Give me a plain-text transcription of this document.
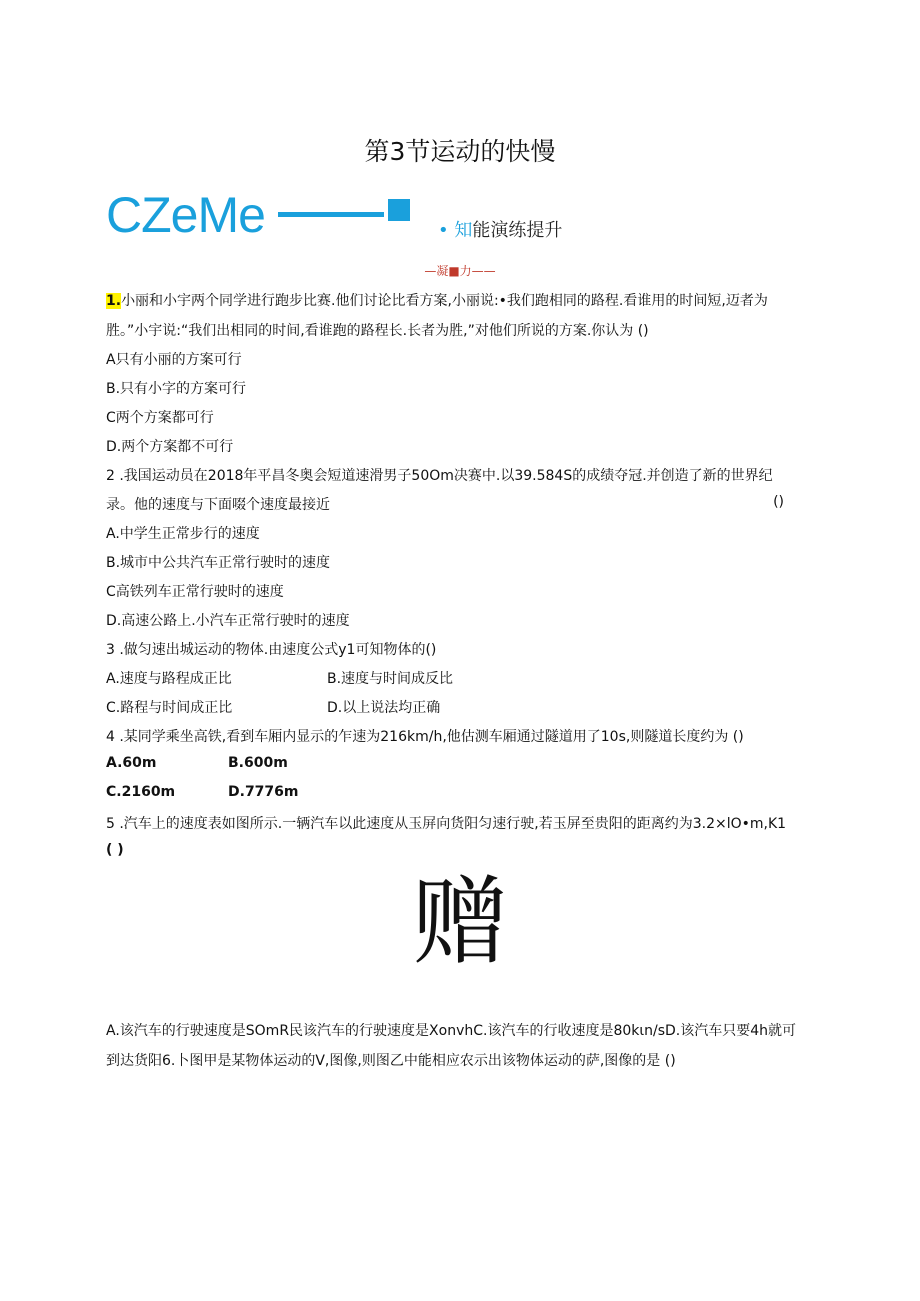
第3节运动的快慢
CZeMe	• 知能演练提升
—凝■力——
1.小丽和小宇两个同学进行跑步比赛.他们讨论比看方案,小丽说:•我们跑相同的路程.看谁用的时间短,迈者为
胜。”小宇说:“我们出相同的时间,看谁跑的路程长.长者为胜,”对他们所说的方案.你认为 ()
A只有小丽的方案可行
B.只有小字的方案可行
C两个方案都可行
D.两个方案都不可行
2 .我国运动员在2018年平昌冬奥会短道速滑男子50Om决赛中.以39.584S的成绩夺冠.并创造了新的世界纪
录。他的速度与下面啜个速度最接近	()
A.中学生正常步行的速度
B.城市中公共汽车正常行驶时的速度
C高铁列车正常行驶时的速度
D.高速公路上.小汽车正常行驶时的速度
3 .做匀速出城运动的物体.由速度公式y1可知物体的()
A.速度与路程成正比	B.速度与时间成反比
C.路程与时间成正比	D.以上说法均正确
4 .某同学乘坐高铁,看到车厢内显示的乍速为216km/h,他估测车厢通过隧道用了10s,则隧道长度约为 ()
A.60m	B.600m
C.2160m	D.7776m
5 .汽车上的速度表如图所示.一辆汽车以此速度从玉屏向货阳匀速行驶,若玉屏至贵阳的距离约为3.2×lO•m,K1
( )
赠
A.该汽车的行驶速度是SOmR民该汽车的行驶速度是XonvhC.该汽车的行收速度是80kιn/sD.该汽车只要4h就可
到达货阳6.卜图甲是某物体运动的V,图像,则图乙中能相应农示出该物体运动的萨,图像的是 ()
